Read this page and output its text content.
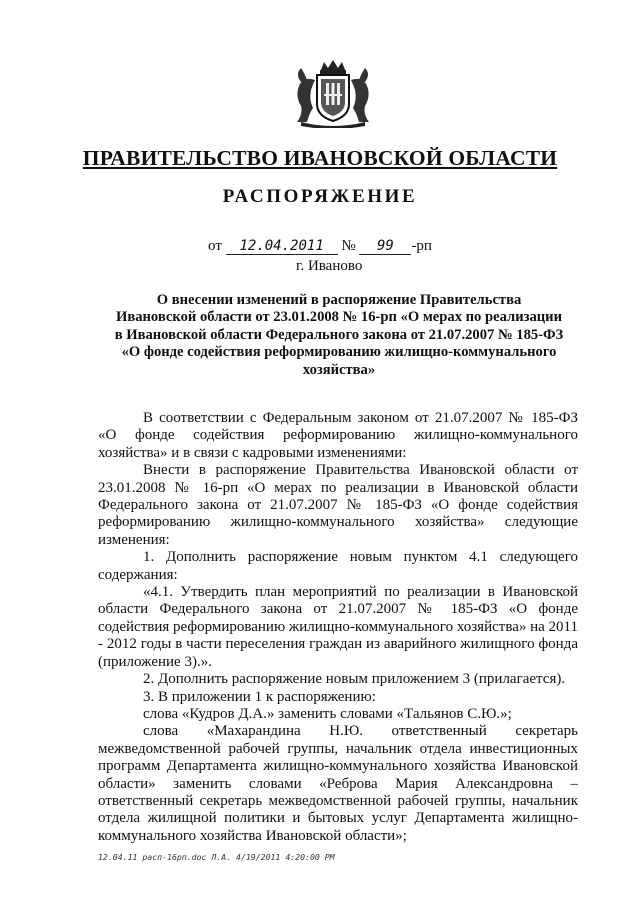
ПРАВИТЕЛЬСТВО ИВАНОВСКОЙ ОБЛАСТИ
РАСПОРЯЖЕНИЕ
от 12.04.2011 № 99 -рп
г. Иваново
О внесении изменений в распоряжение Правительства
Ивановской области от 23.01.2008 № 16-рп «О мерах по реализации
в Ивановской области Федерального закона от 21.07.2007 № 185-ФЗ
«О фонде содействия реформированию жилищно-коммунального
хозяйства»

В соответствии с Федеральным законом от 21.07.2007 № 185-ФЗ «О фонде содействия реформированию жилищно-коммунального хозяйства» и в связи с кадровыми изменениями:

Внести в распоряжение Правительства Ивановской области от 23.01.2008 № 16-рп «О мерах по реализации в Ивановской области Федерального закона от 21.07.2007 № 185-ФЗ «О фонде содействия реформированию жилищно-коммунального хозяйства» следующие изменения:

1. Дополнить распоряжение новым пунктом 4.1 следующего содержания:

«4.1. Утвердить план мероприятий по реализации в Ивановской области Федерального закона от 21.07.2007 № 185-ФЗ «О фонде содействия реформированию жилищно-коммунального хозяйства» на 2011 - 2012 годы в части переселения граждан из аварийного жилищного фонда (приложение 3).».

2. Дополнить распоряжение новым приложением 3 (прилагается).

3. В приложении 1 к распоряжению:

слова «Кудров Д.А.» заменить словами «Тальянов С.Ю.»;

слова «Махарандина Н.Ю. ответственный секретарь межведомственной рабочей группы, начальник отдела инвестиционных программ Департамента жилищно-коммунального хозяйства Ивановской области» заменить словами «Реброва Мария Александровна – ответственный секретарь межведомственной рабочей группы, начальник отдела жилищной политики и бытовых услуг Департамента жилищно-коммунального хозяйства Ивановской области»;

12.04.11 расп-16рп.doc Л.А. 4/19/2011 4:20:00 PM
